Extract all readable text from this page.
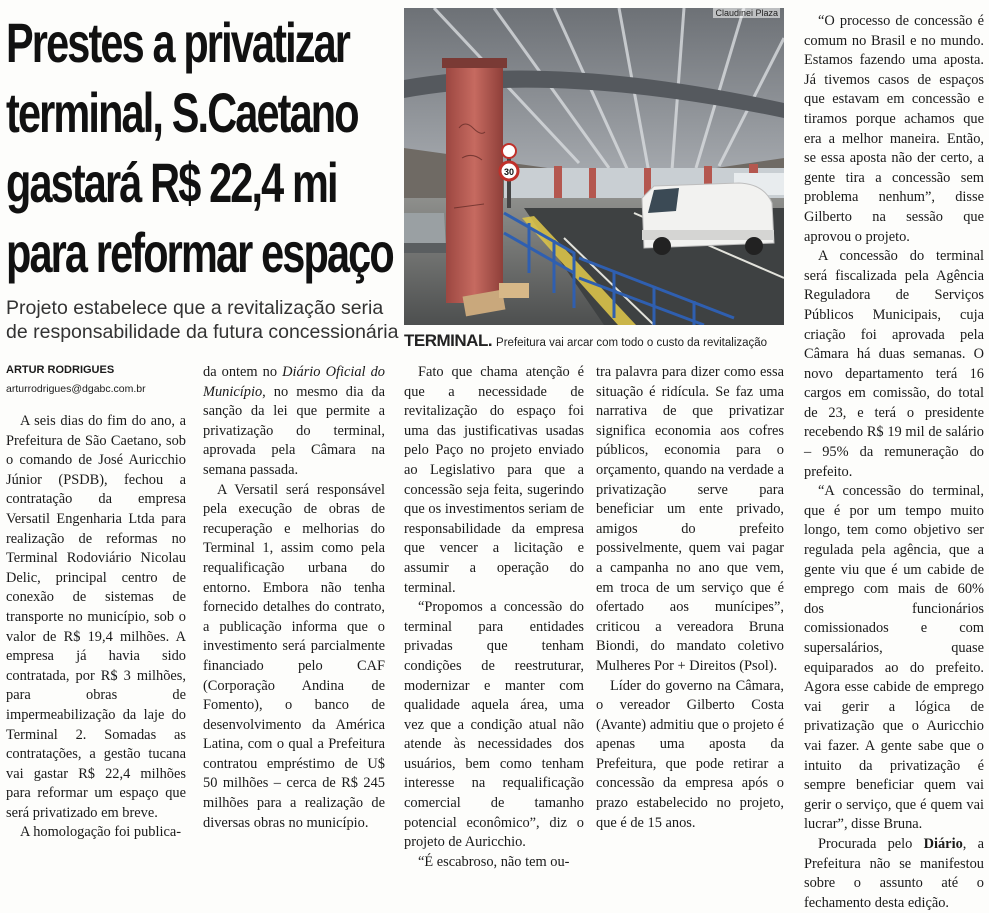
Prestes a privatizar
terminal, S.Caetano
gastará R$ 22,4 mi
para reformar espaço

Projeto estabelece que a revitalização seria de responsabilidade da futura concessionária

30
Claudinei Plaza
TERMINAL. Prefeitura vai arcar com todo o custo da revitalização
ARTUR RODRIGUES
arturrodrigues@dgabc.com.br

A seis dias do fim do ano, a Prefeitura de São Caetano, sob o comando de José Auricchio Júnior (PSDB), fechou a contratação da empresa Versatil Engenharia Ltda para realização de reformas no Terminal Rodoviário Nicolau Delic, principal centro de conexão de sistemas de transporte no município, sob o valor de R$ 19,4 milhões. A empresa já havia sido contratada, por R$ 3 milhões, para obras de impermeabilização da laje do Terminal 2. Somadas as contratações, a gestão tucana vai gastar R$ 22,4 milhões para reformar um espaço que será privatizado em breve.

A homologação foi publica-

da ontem no Diário Oficial do Município, no mesmo dia da sanção da lei que permite a privatização do terminal, aprovada pela Câmara na semana passada.

A Versatil será responsável pela execução de obras de recuperação e melhorias do Terminal 1, assim como pela requalificação urbana do entorno. Embora não tenha fornecido detalhes do contrato, a publicação informa que o investimento será parcialmente financiado pelo CAF (Corporação Andina de Fomento), o banco de desenvolvimento da América Latina, com o qual a Prefeitura contratou empréstimo de U$ 50 milhões – cerca de R$ 245 milhões para a realização de diversas obras no município.

Fato que chama atenção é que a necessidade de revitalização do espaço foi uma das justificativas usadas pelo Paço no projeto enviado ao Legislativo para que a concessão seja feita, sugerindo que os investimentos seriam de responsabilidade da empresa que vencer a licitação e assumir a operação do terminal.

“Propomos a concessão do terminal para entidades privadas que tenham condições de reestruturar, modernizar e manter com qualidade aquela área, uma vez que a condição atual não atende às necessidades dos usuários, bem como tenham interesse na requalificação comercial de tamanho potencial econômico”, diz o projeto de Auricchio.

“É escabroso, não tem ou-

tra palavra para dizer como essa situação é ridícula. Se faz uma narrativa de que privatizar significa economia aos cofres públicos, economia para o orçamento, quando na verdade a privatização serve para beneficiar um ente privado, amigos do prefeito possivelmente, quem vai pagar a campanha no ano que vem, em troca de um serviço que é ofertado aos munícipes”, criticou a vereadora Bruna Biondi, do mandato coletivo Mulheres Por + Direitos (Psol).

Líder do governo na Câmara, o vereador Gilberto Costa (Avante) admitiu que o projeto é apenas uma aposta da Prefeitura, que pode retirar a concessão da empresa após o prazo estabelecido no projeto, que é de 15 anos.

“O processo de concessão é comum no Brasil e no mundo. Estamos fazendo uma aposta. Já tivemos casos de espaços que estavam em concessão e tiramos porque achamos que era a melhor maneira. Então, se essa aposta não der certo, a gente tira a concessão sem problema nenhum”, disse Gilberto na sessão que aprovou o projeto.

A concessão do terminal será fiscalizada pela Agência Reguladora de Serviços Públicos Municipais, cuja criação foi aprovada pela Câmara há duas semanas. O novo departamento terá 16 cargos em comissão, do total de 23, e terá o presidente recebendo R$ 19 mil de salário – 95% da remuneração do prefeito.

“A concessão do terminal, que é por um tempo muito longo, tem como objetivo ser regulada pela agência, que a gente viu que é um cabide de emprego com mais de 60% dos funcionários comissionados e com supersalários, quase equiparados ao do prefeito. Agora esse cabide de emprego vai gerir a lógica de privatização que o Auricchio vai fazer. A gente sabe que o intuito da privatização é sempre beneficiar quem vai gerir o serviço, que é quem vai lucrar”, disse Bruna.

Procurada pelo Diário, a Prefeitura não se manifestou sobre o assunto até o fechamento desta edição.
